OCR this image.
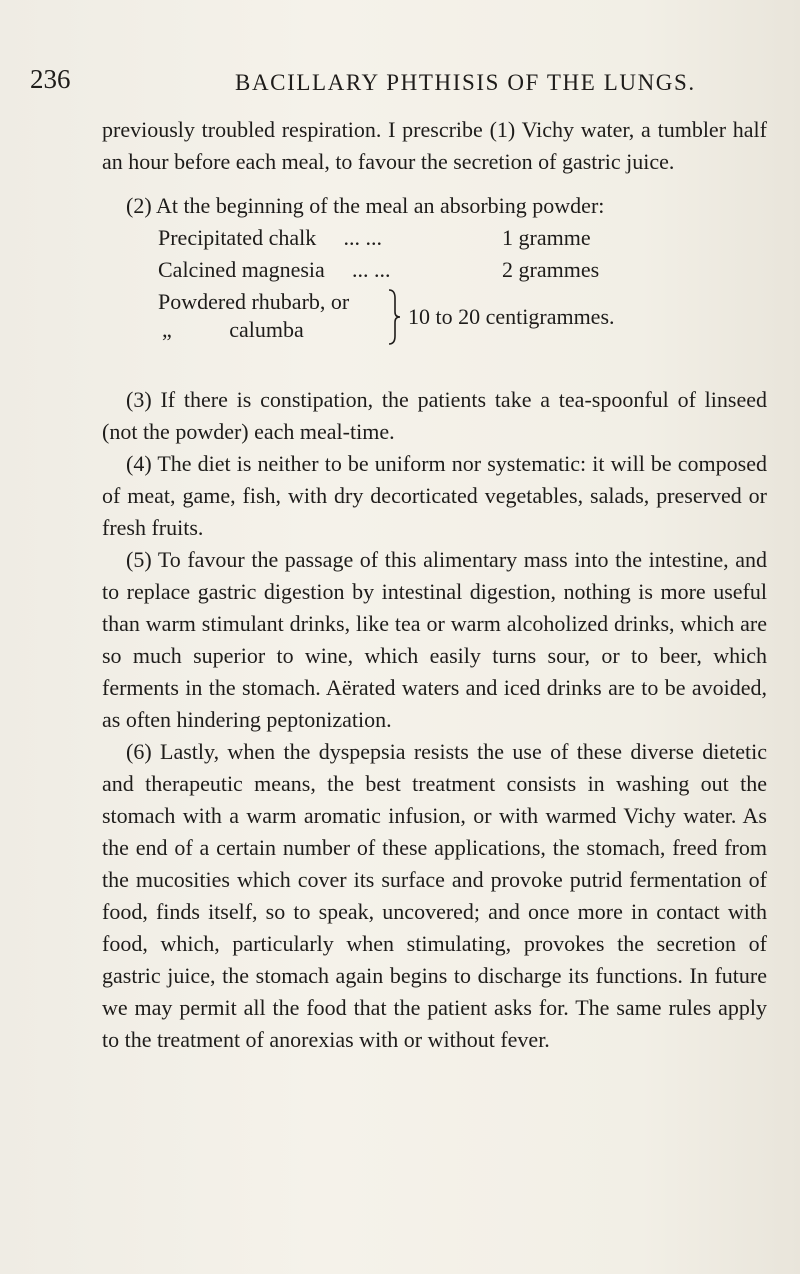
236	BACILLARY PHTHISIS OF THE LUNGS.

previously troubled respiration. I prescribe (1) Vichy water, a tumbler half an hour before each meal, to favour the secretion of gastric juice.

(2) At the beginning of the meal an absorbing powder:
Precipitated chalk ... ...	1 gramme
Calcined magnesia ... ...	2 grammes
Powdered rhubarb, or
„	calumba
10 to 20 centigrammes.

(3) If there is constipation, the patients take a tea-spoonful of linseed (not the powder) each meal-time.

(4) The diet is neither to be uniform nor systematic: it will be composed of meat, game, fish, with dry decorticated vegetables, salads, preserved or fresh fruits.

(5) To favour the passage of this alimentary mass into the intestine, and to replace gastric digestion by intestinal digestion, nothing is more useful than warm stimulant drinks, like tea or warm alcoholized drinks, which are so much superior to wine, which easily turns sour, or to beer, which ferments in the stomach. Aërated waters and iced drinks are to be avoided, as often hindering peptonization.

(6) Lastly, when the dyspepsia resists the use of these diverse dietetic and therapeutic means, the best treatment consists in washing out the stomach with a warm aromatic infusion, or with warmed Vichy water. As the end of a certain number of these applications, the stomach, freed from the mucosities which cover its surface and provoke putrid fermentation of food, finds itself, so to speak, uncovered; and once more in contact with food, which, particularly when stimulating, provokes the secretion of gastric juice, the stomach again begins to discharge its functions. In future we may permit all the food that the patient asks for. The same rules apply to the treatment of anorexias with or without fever.
